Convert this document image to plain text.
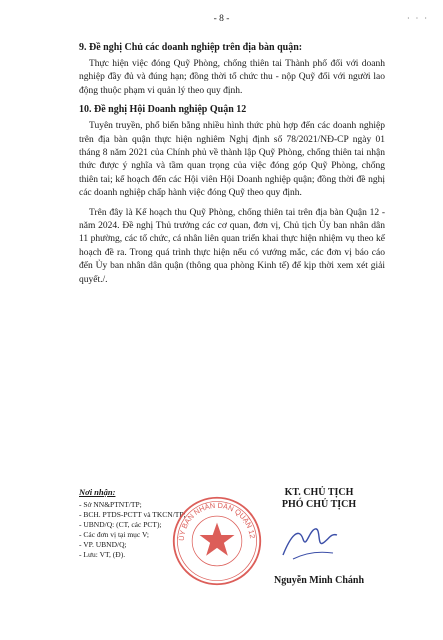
- 8 -	· · ·

9. Đề nghị Chủ các doanh nghiệp trên địa bàn quận:

Thực hiện việc đóng Quỹ Phòng, chống thiên tai Thành phố đối với doanh nghiệp đầy đủ và đúng hạn; đồng thời tổ chức thu - nộp Quỹ đối với người lao động thuộc phạm vi quản lý theo quy định.

10. Đề nghị Hội Doanh nghiệp Quận 12

Tuyên truyền, phổ biến bằng nhiều hình thức phù hợp đến các doanh nghiệp trên địa bàn quận thực hiện nghiêm Nghị định số 78/2021/NĐ-CP ngày 01 tháng 8 năm 2021 của Chính phủ về thành lập Quỹ Phòng, chống thiên tai nhận thức được ý nghĩa và tầm quan trọng của việc đóng góp Quỹ Phòng, chống thiên tai; kế hoạch đến các Hội viên Hội Doanh nghiệp quận; đồng thời đề nghị các doanh nghiệp chấp hành việc đóng Quỹ theo quy định.

Trên đây là Kế hoạch thu Quỹ Phòng, chống thiên tai trên địa bàn Quận 12 - năm 2024. Đề nghị Thủ trưởng các cơ quan, đơn vị, Chủ tịch Ủy ban nhân dân 11 phường, các tổ chức, cá nhân liên quan triển khai thực hiện nhiệm vụ theo kế hoạch đề ra. Trong quá trình thực hiện nếu có vướng mắc, các đơn vị báo cáo đến Ủy ban nhân dân quận (thông qua phòng Kinh tế) để kịp thời xem xét giải quyết./.

Nơi nhận:
- Sở NN&PTNT/TP;
- BCH. PTDS-PCTT và TKCN/TP;
- UBND/Q: (CT, các PCT);
- Các đơn vị tại mục V;
- VP. UBND/Q;
- Lưu: VT, (Đ).
KT. CHỦ TỊCH
PHÓ CHỦ TỊCH
Nguyễn Minh Chánh
ỦY BAN NHÂN DÂN QUẬN 12
